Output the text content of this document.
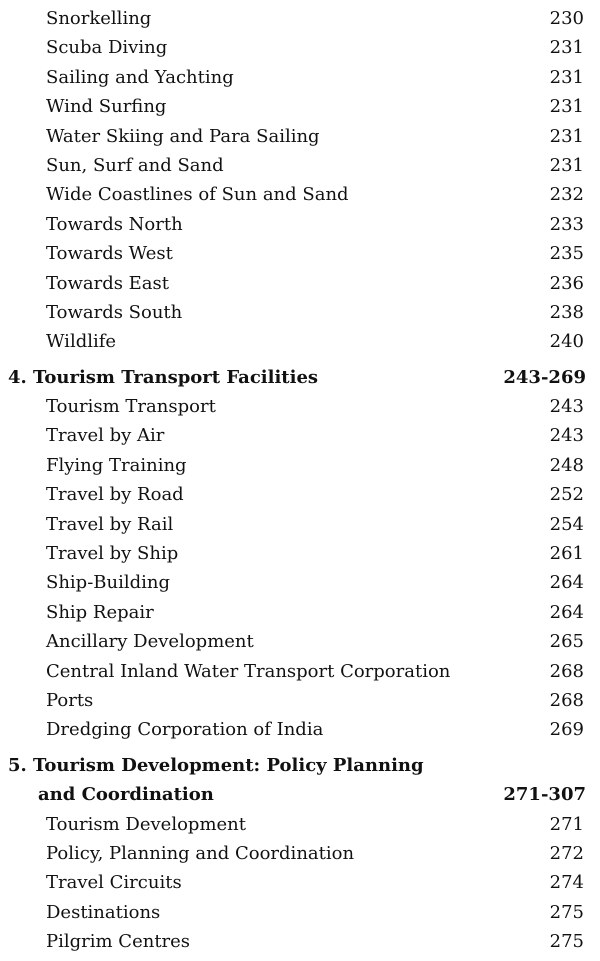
Snorkelling	230
Scuba Diving	231
Sailing and Yachting	231
Wind Surfing	231
Water Skiing and Para Sailing	231
Sun, Surf and Sand	231
Wide Coastlines of Sun and Sand	232
Towards North	233
Towards West	235
Towards East	236
Towards South	238
Wildlife	240
4. Tourism Transport Facilities	243-269
Tourism Transport	243
Travel by Air	243
Flying Training	248
Travel by Road	252
Travel by Rail	254
Travel by Ship	261
Ship-Building	264
Ship Repair	264
Ancillary Development	265
Central Inland Water Transport Corporation	268
Ports	268
Dredging Corporation of India	269
5. Tourism Development: Policy Planning
and Coordination	271-307
Tourism Development	271
Policy, Planning and Coordination	272
Travel Circuits	274
Destinations	275
Pilgrim Centres	275
